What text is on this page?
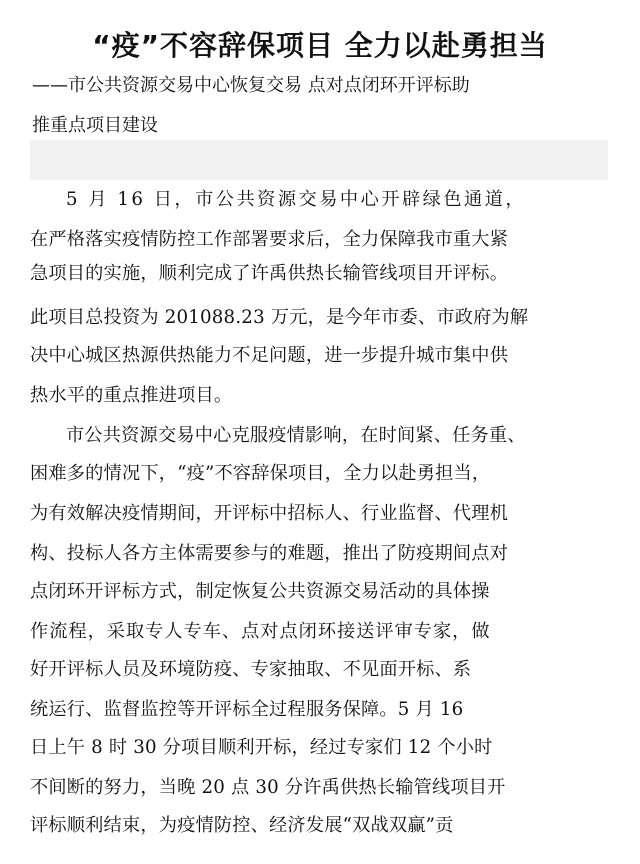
“疫”不容辞保项目 全力以赴勇担当
——市公共资源交易中心恢复交易 点对点闭环开评标助
推重点项目建设
5 月 16 日，市公共资源交易中心开辟绿色通道，
在严格落实疫情防控工作部署要求后，全力保障我市重大紧
急项目的实施，顺利完成了许禹供热长输管线项目开评标。
此项目总投资为 201088.23 万元，是今年市委、市政府为解
决中心城区热源供热能力不足问题，进一步提升城市集中供
热水平的重点推进项目。
市公共资源交易中心克服疫情影响，在时间紧、任务重、
困难多的情况下，“疫”不容辞保项目，全力以赴勇担当，
为有效解决疫情期间，开评标中招标人、行业监督、代理机
构、投标人各方主体需要参与的难题，推出了防疫期间点对
点闭环开评标方式，制定恢复公共资源交易活动的具体操
作流程，采取专人专车、点对点闭环接送评审专家，做
好开评标人员及环境防疫、专家抽取、不见面开标、系
统运行、监督监控等开评标全过程服务保障。5 月 16
日上午 8 时 30 分项目顺利开标，经过专家们 12 个小时
不间断的努力，当晚 20 点 30 分许禹供热长输管线项目开
评标顺利结束，为疫情防控、经济发展“双战双赢”贡
